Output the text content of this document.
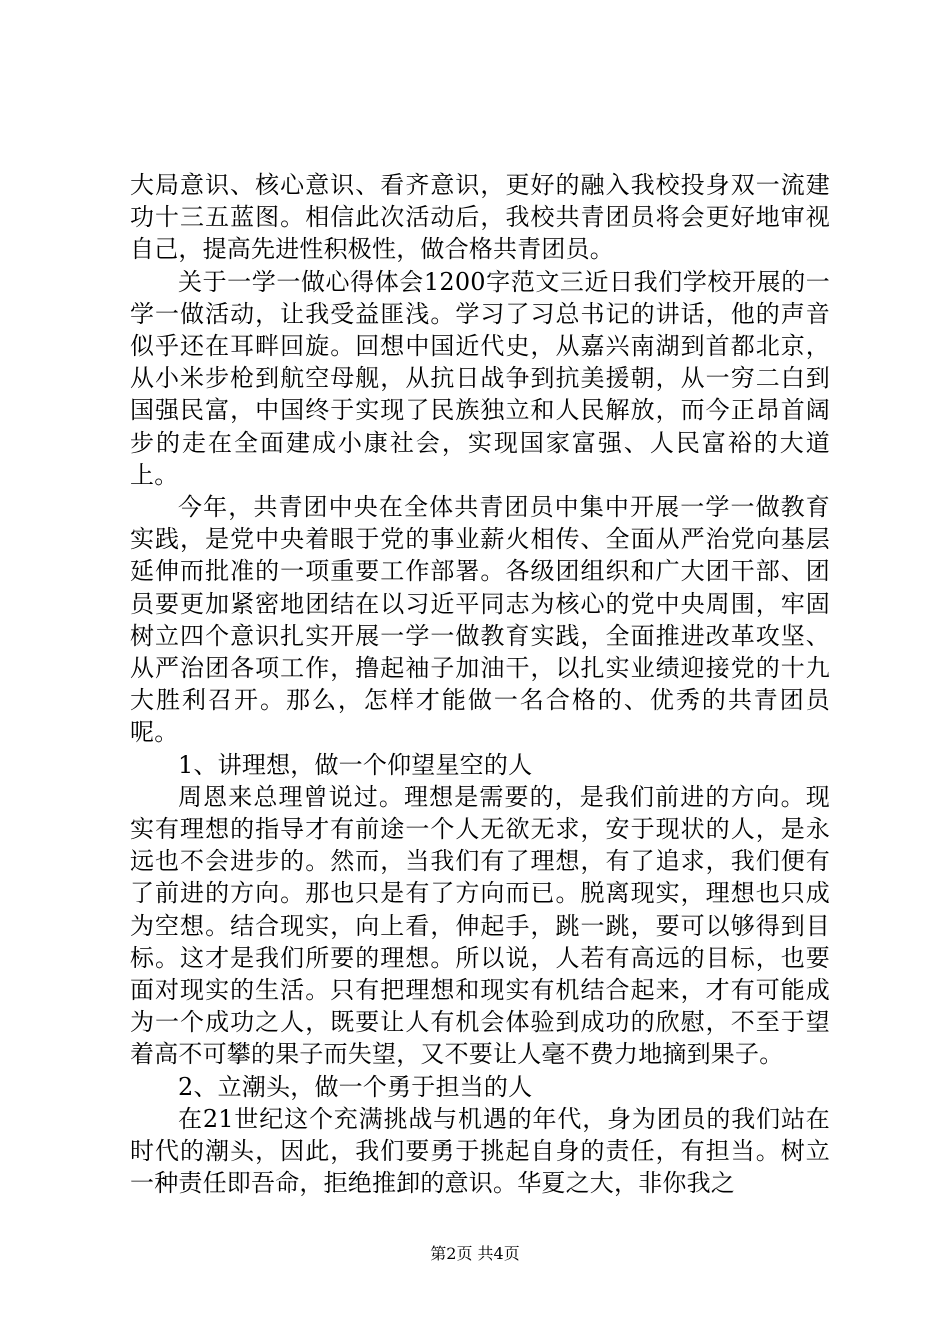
大局意识、核心意识、看齐意识，更好的融入我校投身双一流建功十三五蓝图。相信此次活动后，我校共青团员将会更好地审视自己，提高先进性积极性，做合格共青团员。

关于一学一做心得体会1200字范文三近日我们学校开展的一学一做活动，让我受益匪浅。学习了习总书记的讲话，他的声音似乎还在耳畔回旋。回想中国近代史，从嘉兴南湖到首都北京，从小米步枪到航空母舰，从抗日战争到抗美援朝，从一穷二白到国强民富，中国终于实现了民族独立和人民解放，而今正昂首阔步的走在全面建成小康社会，实现国家富强、人民富裕的大道上。

今年，共青团中央在全体共青团员中集中开展一学一做教育实践，是党中央着眼于党的事业薪火相传、全面从严治党向基层延伸而批准的一项重要工作部署。各级团组织和广大团干部、团员要更加紧密地团结在以习近平同志为核心的党中央周围，牢固树立四个意识扎实开展一学一做教育实践，全面推进改革攻坚、从严治团各项工作，撸起袖子加油干，以扎实业绩迎接党的十九大胜利召开。那么，怎样才能做一名合格的、优秀的共青团员呢。

1、讲理想，做一个仰望星空的人

周恩来总理曾说过。理想是需要的，是我们前进的方向。现实有理想的指导才有前途一个人无欲无求，安于现状的人，是永远也不会进步的。然而，当我们有了理想，有了追求，我们便有了前进的方向。那也只是有了方向而已。脱离现实，理想也只成为空想。结合现实，向上看，伸起手，跳一跳，要可以够得到目标。这才是我们所要的理想。所以说，人若有高远的目标，也要面对现实的生活。只有把理想和现实有机结合起来，才有可能成为一个成功之人，既要让人有机会体验到成功的欣慰，不至于望着高不可攀的果子而失望，又不要让人毫不费力地摘到果子。

2、立潮头，做一个勇于担当的人

在21世纪这个充满挑战与机遇的年代，身为团员的我们站在时代的潮头，因此，我们要勇于挑起自身的责任，有担当。树立一种责任即吾命，拒绝推卸的意识。华夏之大，非你我之

第2页 共4页
